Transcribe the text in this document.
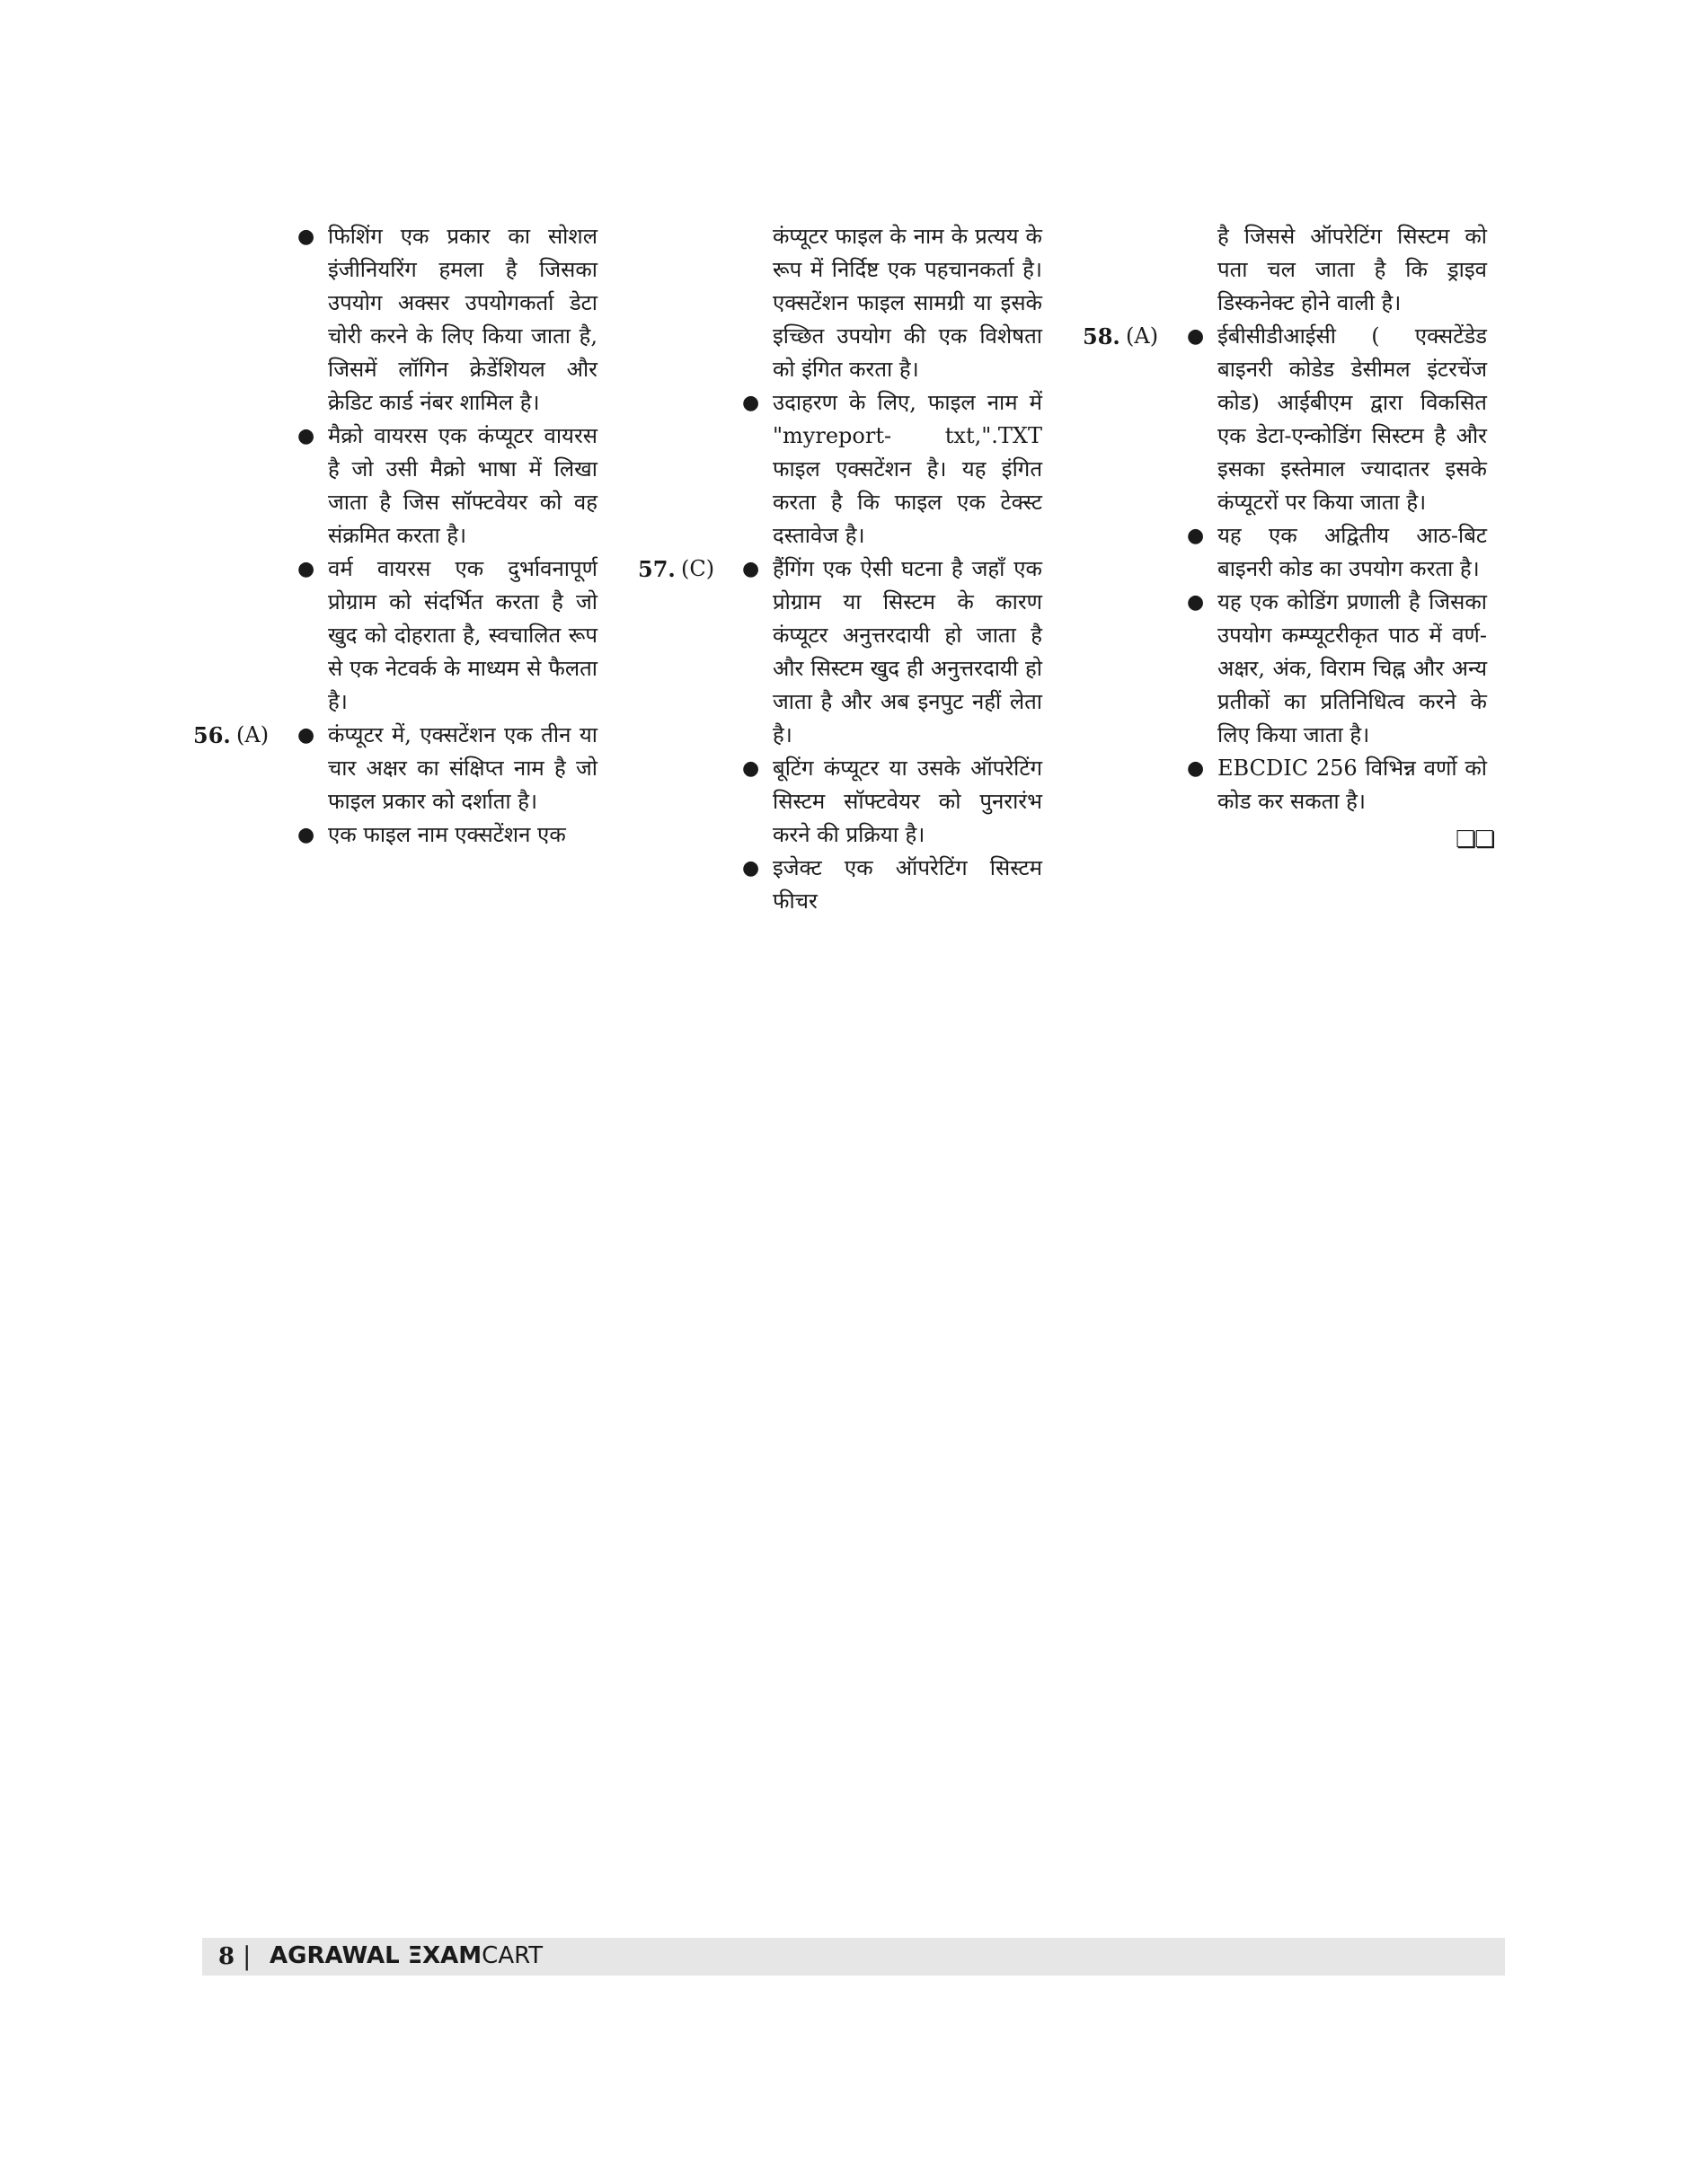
● फिशिंग एक प्रकार का सोशल इंजीनियरिंग हमला है जिसका उपयोग अक्सर उपयोगकर्ता डेटा चोरी करने के लिए किया जाता है, जिसमें लॉगिन क्रेडेंशियल और क्रेडिट कार्ड नंबर शामिल है।
● मैक्रो वायरस एक कंप्यूटर वायरस है जो उसी मैक्रो भाषा में लिखा जाता है जिस सॉफ्टवेयर को वह संक्रमित करता है।
● वर्म वायरस एक दुर्भावनापूर्ण प्रोग्राम को संदर्भित करता है जो खुद को दोहराता है, स्वचालित रूप से एक नेटवर्क के माध्यम से फैलता है।
56. (A) ● कंप्यूटर में, एक्सटेंशन एक तीन या चार अक्षर का संक्षिप्त नाम है जो फाइल प्रकार को दर्शाता है।
● एक फाइल नाम एक्सटेंशन एक
कंप्यूटर फाइल के नाम के प्रत्यय के रूप में निर्दिष्ट एक पहचानकर्ता है। एक्सटेंशन फाइल सामग्री या इसके इच्छित उपयोग की एक विशेषता को इंगित करता है।
● उदाहरण के लिए, फाइल नाम में "myreport- txt,".TXT फाइल एक्सटेंशन है। यह इंगित करता है कि फाइल एक टेक्स्ट दस्तावेज है।
57. (C) ● हैंगिंग एक ऐसी घटना है जहाँ एक प्रोग्राम या सिस्टम के कारण कंप्यूटर अनुत्तरदायी हो जाता है और सिस्टम खुद ही अनुत्तरदायी हो जाता है और अब इनपुट नहीं लेता है।
● बूटिंग कंप्यूटर या उसके ऑपरेटिंग सिस्टम सॉफ्टवेयर को पुनरारंभ करने की प्रक्रिया है।
● इजेक्ट एक ऑपरेटिंग सिस्टम फीचर
है जिससे ऑपरेटिंग सिस्टम को पता चल जाता है कि ड्राइव डिस्कनेक्ट होने वाली है।
58. (A) ● ईबीसीडीआईसी ( एक्सटेंडेड बाइनरी कोडेड डेसीमल इंटरचेंज कोड) आईबीएम द्वारा विकसित एक डेटा-एन्कोडिंग सिस्टम है और इसका इस्तेमाल ज्यादातर इसके कंप्यूटरों पर किया जाता है।
● यह एक अद्वितीय आठ-बिट बाइनरी कोड का उपयोग करता है।
● यह एक कोडिंग प्रणाली है जिसका उपयोग कम्प्यूटरीकृत पाठ में वर्ण-अक्षर, अंक, विराम चिह्न और अन्य प्रतीकों का प्रतिनिधित्व करने के लिए किया जाता है।
● EBCDIC 256 विभिन्न वर्णो को कोड कर सकता है।
❏❏
8 | AGRAWAL ΞXAMCART
